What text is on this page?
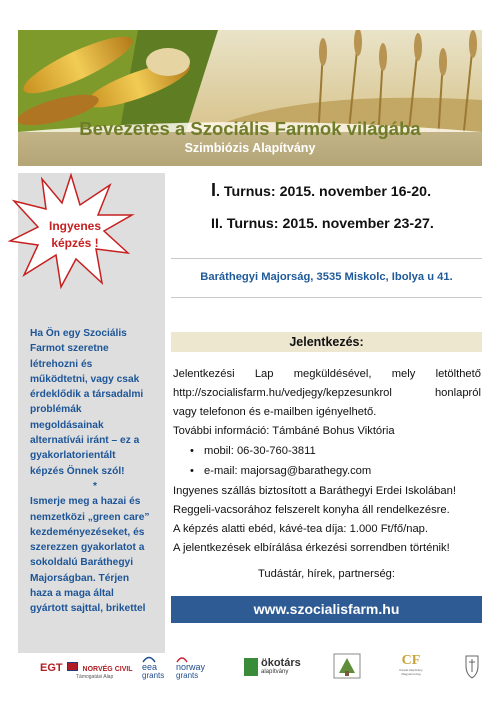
Bevezetés a Szociális Farmok világába
Szimbiózis Alapítvány
Ingyenes
képzés !

Ha Ön egy Szociális

Farmot szeretne

létrehozni és

működtetni, vagy csak

érdeklődik a társadalmi

problémák

megoldásainak

alternatívái iránt – ez a

gyakorlatorientált

képzés Önnek szól!

*

Ismerje meg a hazai és

nemzetközi „green care”

kezdeményezéseket, és

szerezzen gyakorlatot a

sokoldalú Baráthegyi

Majorságban. Térjen

haza a maga által

gyártott sajttal, brikettel

I. Turnus: 2015. november 16-20.
II. Turnus: 2015. november 23-27.
Baráthegyi Majorság, 3535 Miskolc, Ibolya u 41.
Jelentkezés:
Jelentkezési Lap megküldésével, mely letölthető
http://szocialisfarm.hu/vedjegy/kepzesunkrol honlapról
vagy telefonon és e-mailben igényelhető.
További információ: Támbáné Bohus Viktória
• mobil: 06-30-760-3811
• e-mail: majorsag@barathegy.com
Ingyenes szállás biztosított a Baráthegyi Erdei Iskolában!
Reggeli-vacsorához felszerelt konyha áll rendelkezésre.
A képzés alatti ebéd, kávé-tea díja: 1.000 Ft/fő/nap.
A jelentkezések elbírálása érkezési sorrendben történik!
Tudástár, hírek, partnerség:
www.szocialisfarm.hu
EGT	NORVÉG CIVIL
Támogatási Alap
eea
grants
norway
grants
ökotárs
alapítvány
CF
Kárpát Alapítvány Magyarország
